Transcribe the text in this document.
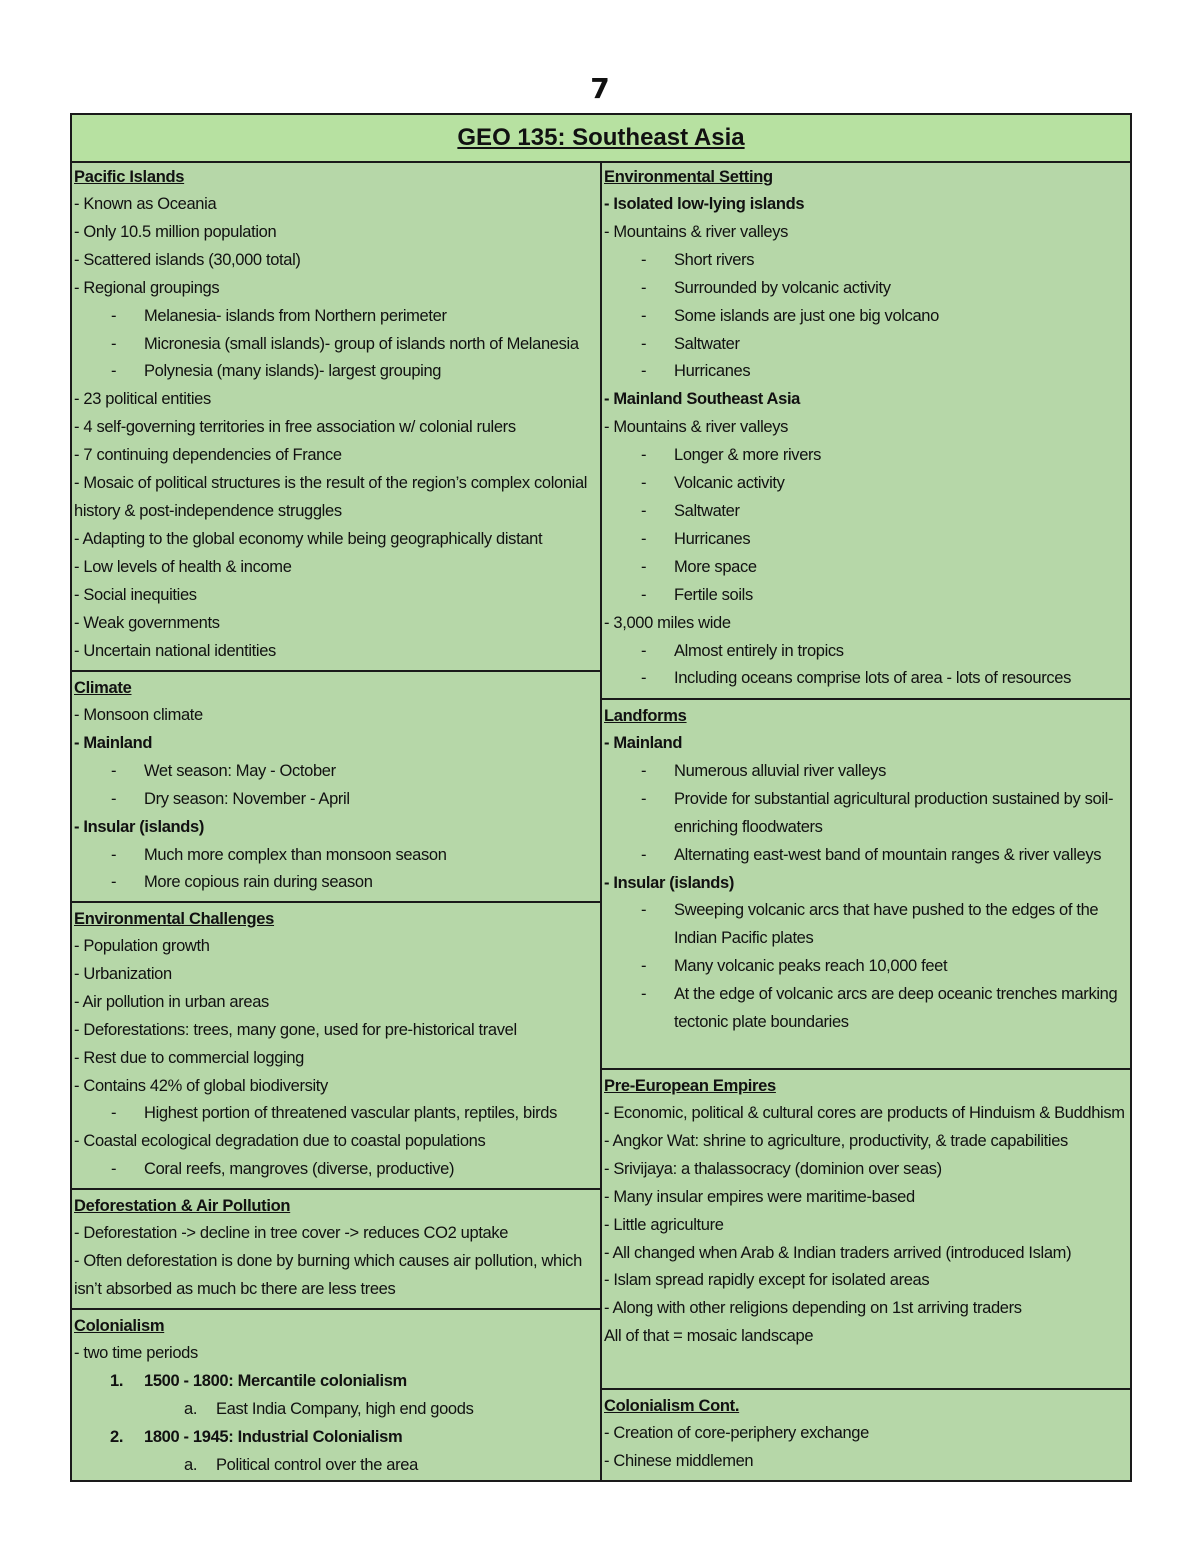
7
GEO 135: Southeast Asia
Pacific Islands
- Known as Oceania
- Only 10.5 million population
- Scattered islands (30,000 total)
- Regional groupings
- Melanesia- islands from Northern perimeter
- Micronesia (small islands)- group of islands north of Melanesia
- Polynesia (many islands)- largest grouping
- 23 political entities
- 4 self-governing territories in free association w/ colonial rulers
- 7 continuing dependencies of France
- Mosaic of political structures is the result of the region’s complex colonial history & post-independence struggles
- Adapting to the global economy while being geographically distant
- Low levels of health & income
- Social inequities
- Weak governments
- Uncertain national identities
Climate
- Monsoon climate
- Mainland
- Wet season: May - October
- Dry season: November - April
- Insular (islands)
- Much more complex than monsoon season
- More copious rain during season
Environmental Challenges
- Population growth
- Urbanization
- Air pollution in urban areas
- Deforestations: trees, many gone, used for pre-historical travel
- Rest due to commercial logging
- Contains 42% of global biodiversity
- Highest portion of threatened vascular plants, reptiles, birds
- Coastal ecological degradation due to coastal populations
- Coral reefs, mangroves (diverse, productive)
Deforestation & Air Pollution
- Deforestation -> decline in tree cover -> reduces CO2 uptake
- Often deforestation is done by burning which causes air pollution, which isn’t absorbed as much bc there are less trees
Colonialism
- two time periods
1. 1500 - 1800: Mercantile colonialism
a. East India Company, high end goods
2. 1800 - 1945: Industrial Colonialism
a. Political control over the area
Environmental Setting
- Isolated low-lying islands
- Mountains & river valleys
- Short rivers
- Surrounded by volcanic activity
- Some islands are just one big volcano
- Saltwater
- Hurricanes
- Mainland Southeast Asia
- Mountains & river valleys
- Longer & more rivers
- Volcanic activity
- Saltwater
- Hurricanes
- More space
- Fertile soils
- 3,000 miles wide
- Almost entirely in tropics
- Including oceans comprise lots of area - lots of resources
Landforms
- Mainland
- Numerous alluvial river valleys
- Provide for substantial agricultural production sustained by soil-enriching floodwaters
- Alternating east-west band of mountain ranges & river valleys
- Insular (islands)
- Sweeping volcanic arcs that have pushed to the edges of the Indian Pacific plates
- Many volcanic peaks reach 10,000 feet
- At the edge of volcanic arcs are deep oceanic trenches marking tectonic plate boundaries
Pre-European Empires
- Economic, political & cultural cores are products of Hinduism & Buddhism
- Angkor Wat: shrine to agriculture, productivity, & trade capabilities
- Srivijaya: a thalassocracy (dominion over seas)
- Many insular empires were maritime-based
- Little agriculture
- All changed when Arab & Indian traders arrived (introduced Islam)
- Islam spread rapidly except for isolated areas
- Along with other religions depending on 1st arriving traders
All of that = mosaic landscape
Colonialism Cont.
- Creation of core-periphery exchange
- Chinese middlemen
